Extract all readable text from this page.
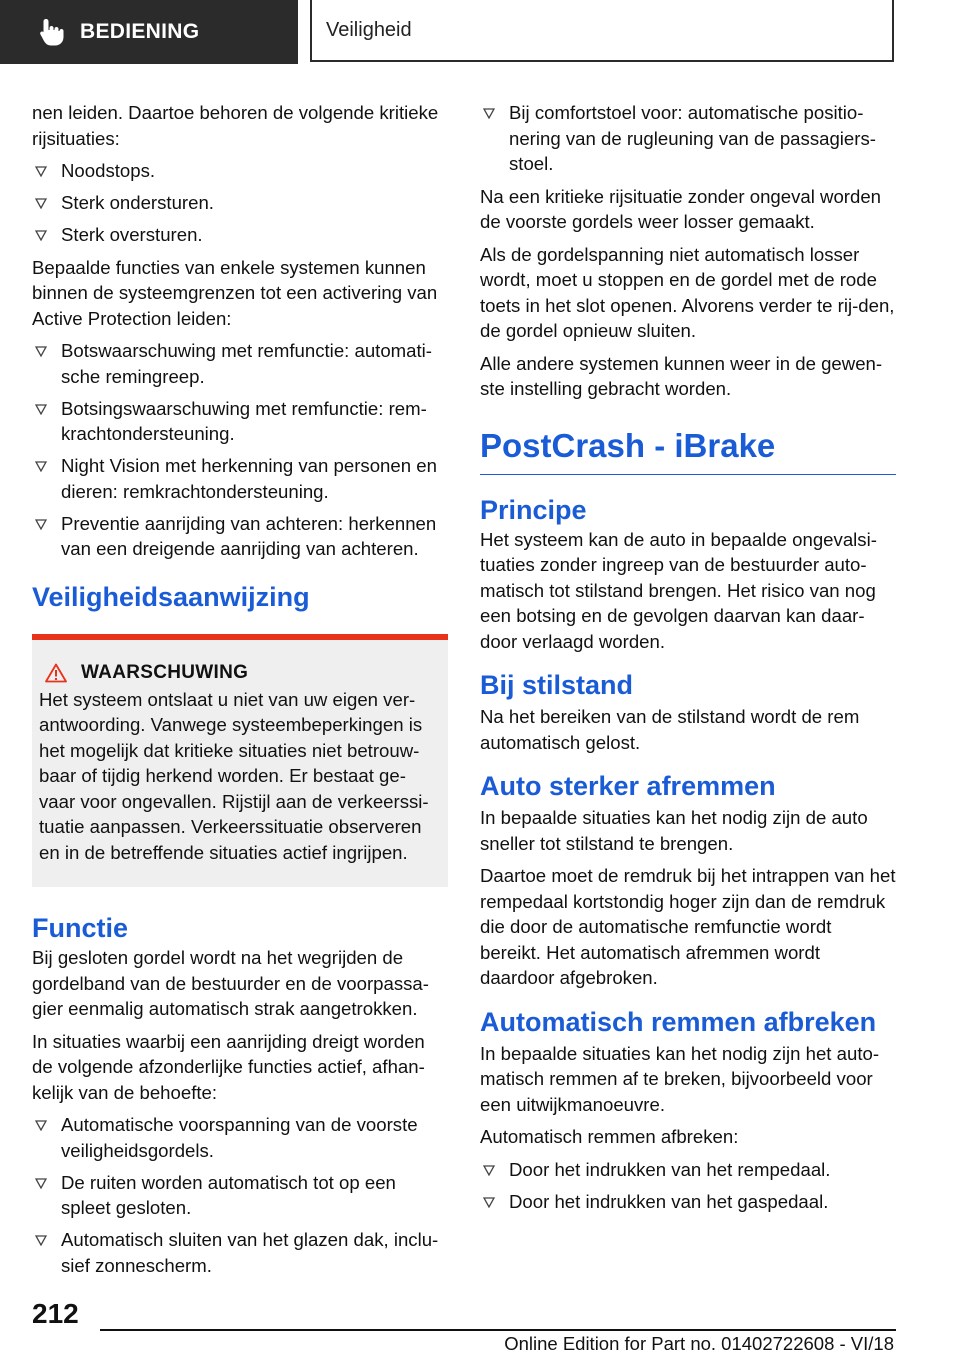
BEDIENING	Veiligheid

nen leiden. Daartoe behoren de volgende kritieke rijsituaties:

Noodstops.
Sterk ondersturen.
Sterk oversturen.

Bepaalde functies van enkele systemen kunnen binnen de systeemgrenzen tot een activering van Active Protection leiden:

Botswaarschuwing met remfunctie: automati-sche remingreep.
Botsingswaarschuwing met remfunctie: rem-krachtondersteuning.
Night Vision met herkenning van personen en dieren: remkrachtondersteuning.
Preventie aanrijding van achteren: herkennen van een dreigende aanrijding van achteren.
Veiligheidsaanwijzing
WAARSCHUWING

Het systeem ontslaat u niet van uw eigen ver-antwoording. Vanwege systeembeperkingen is het mogelijk dat kritieke situaties niet betrouw-baar of tijdig herkend worden. Er bestaat ge-vaar voor ongevallen. Rijstijl aan de verkeerssi-tuatie aanpassen. Verkeerssituatie observeren en in de betreffende situaties actief ingrijpen.

Functie

Bij gesloten gordel wordt na het wegrijden de gordelband van de bestuurder en de voorpassa-gier eenmalig automatisch strak aangetrokken.

In situaties waarbij een aanrijding dreigt worden de volgende afzonderlijke functies actief, afhan-kelijk van de behoefte:

Automatische voorspanning van de voorste veiligheidsgordels.
De ruiten worden automatisch tot op een spleet gesloten.
Automatisch sluiten van het glazen dak, inclu-sief zonnescherm.
Bij comfortstoel voor: automatische positio-nering van de rugleuning van de passagiers-stoel.

Na een kritieke rijsituatie zonder ongeval worden de voorste gordels weer losser gemaakt.

Als de gordelspanning niet automatisch losser wordt, moet u stoppen en de gordel met de rode toets in het slot openen. Alvorens verder te rij-den, de gordel opnieuw sluiten.

Alle andere systemen kunnen weer in de gewen-ste instelling gebracht worden.

PostCrash - iBrake
Principe

Het systeem kan de auto in bepaalde ongevalsi-tuaties zonder ingreep van de bestuurder auto-matisch tot stilstand brengen. Het risico van nog een botsing en de gevolgen daarvan kan daar-door verlaagd worden.

Bij stilstand

Na het bereiken van de stilstand wordt de rem automatisch gelost.

Auto sterker afremmen

In bepaalde situaties kan het nodig zijn de auto sneller tot stilstand te brengen.

Daartoe moet de remdruk bij het intrappen van het rempedaal kortstondig hoger zijn dan de remdruk die door de automatische remfunctie wordt bereikt. Het automatisch afremmen wordt daardoor afgebroken.

Automatisch remmen afbreken

In bepaalde situaties kan het nodig zijn het auto-matisch remmen af te breken, bijvoorbeeld voor een uitwijkmanoeuvre.

Automatisch remmen afbreken:

Door het indrukken van het rempedaal.
Door het indrukken van het gaspedaal.
212
Online Edition for Part no. 01402722608 - VI/18
